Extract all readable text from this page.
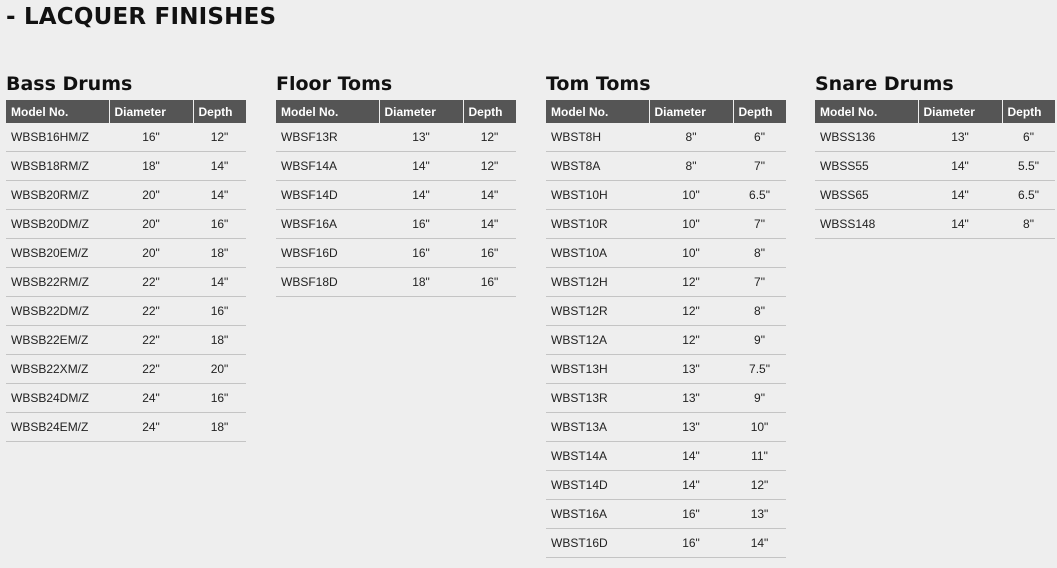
- LACQUER FINISHES
Bass Drums
Model No.	Diameter	Depth
WBSB16HM/Z	16"	12"
WBSB18RM/Z	18"	14"
WBSB20RM/Z	20"	14"
WBSB20DM/Z	20"	16"
WBSB20EM/Z	20"	18"
WBSB22RM/Z	22"	14"
WBSB22DM/Z	22"	16"
WBSB22EM/Z	22"	18"
WBSB22XM/Z	22"	20"
WBSB24DM/Z	24"	16"
WBSB24EM/Z	24"	18"
Floor Toms
Model No.	Diameter	Depth
WBSF13R	13"	12"
WBSF14A	14"	12"
WBSF14D	14"	14"
WBSF16A	16"	14"
WBSF16D	16"	16"
WBSF18D	18"	16"
Tom Toms
Model No.	Diameter	Depth
WBST8H	8"	6"
WBST8A	8"	7"
WBST10H	10"	6.5"
WBST10R	10"	7"
WBST10A	10"	8"
WBST12H	12"	7"
WBST12R	12"	8"
WBST12A	12"	9"
WBST13H	13"	7.5"
WBST13R	13"	9"
WBST13A	13"	10"
WBST14A	14"	11"
WBST14D	14"	12"
WBST16A	16"	13"
WBST16D	16"	14"
Snare Drums
Model No.	Diameter	Depth
WBSS136	13"	6"
WBSS55	14"	5.5"
WBSS65	14"	6.5"
WBSS148	14"	8"
